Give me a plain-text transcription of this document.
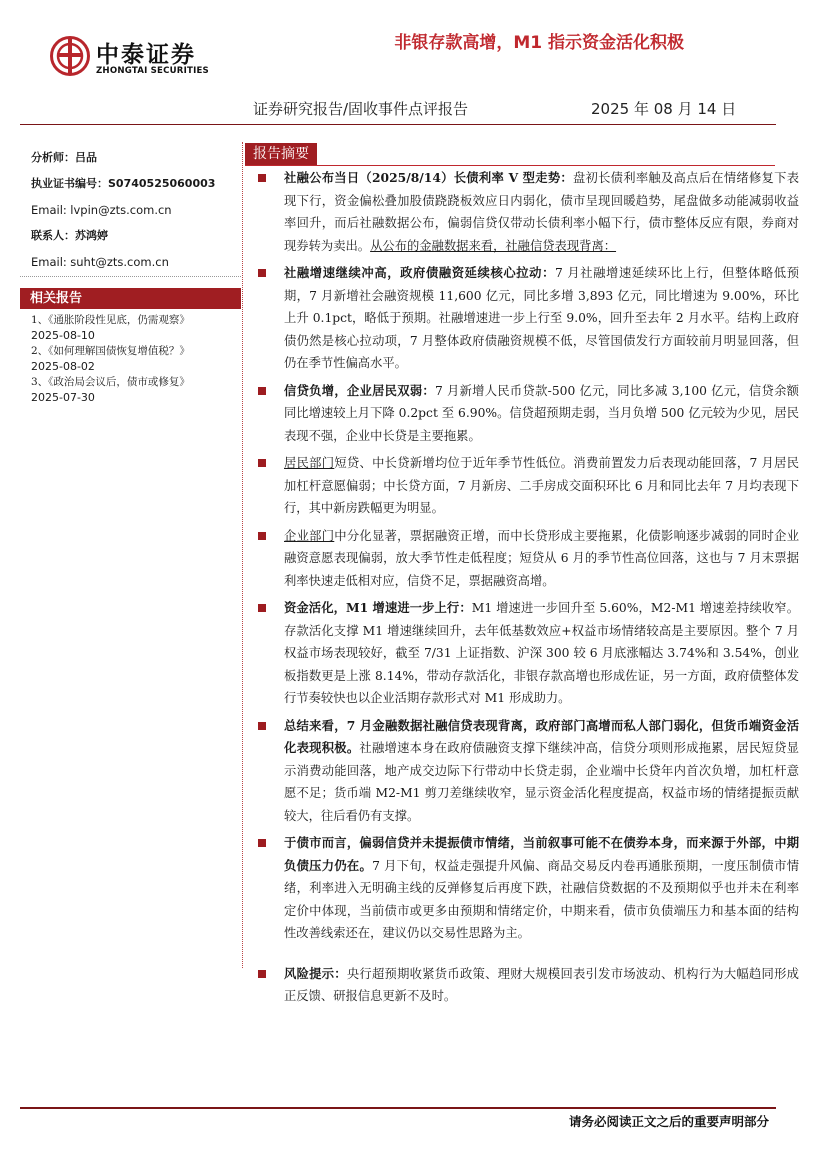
中泰证券
ZHONGTAI SECURITIES
非银存款高增，M1 指示资金活化积极
证券研究报告/固收事件点评报告	2025 年 08 月 14 日
分析师：吕品
执业证书编号：S0740525060003
Email: lvpin@zts.com.cn
联系人：苏鸿婷
Email: suht@zts.com.cn
相关报告
1、《通胀阶段性见底，仍需观察》
2025-08-10
2、《如何理解国债恢复增值税？》
2025-08-02
3、《政治局会议后，债市或修复》
2025-07-30
报告摘要
社融公布当日（2025/8/14）长债利率 V 型走势：盘初长债利率触及高点后在情绪修复下表现下行，资金偏松叠加股债跷跷板效应日内弱化，债市呈现回暖趋势，尾盘做多动能减弱收益率回升，而后社融数据公布，偏弱信贷仅带动长债利率小幅下行，债市整体反应有限，券商对现券转为卖出。从公布的金融数据来看，社融信贷表现背离：
社融增速继续冲高，政府债融资延续核心拉动：7 月社融增速延续环比上行，但整体略低预期，7 月新增社会融资规模 11,600 亿元，同比多增 3,893 亿元，同比增速为 9.00%，环比上升 0.1pct，略低于预期。社融增速进一步上行至 9.0%，回升至去年 2 月水平。结构上政府债仍然是核心拉动项，7 月整体政府债融资规模不低，尽管国债发行方面较前月明显回落，但仍在季节性偏高水平。
信贷负增，企业居民双弱：7 月新增人民币贷款-500 亿元，同比多减 3,100 亿元，信贷余额同比增速较上月下降 0.2pct 至 6.90%。信贷超预期走弱，当月负增 500 亿元较为少见，居民表现不强，企业中长贷是主要拖累。
居民部门短贷、中长贷新增均位于近年季节性低位。消费前置发力后表现动能回落，7 月居民加杠杆意愿偏弱；中长贷方面，7 月新房、二手房成交面积环比 6 月和同比去年 7 月均表现下行，其中新房跌幅更为明显。
企业部门中分化显著，票据融资正增，而中长贷形成主要拖累，化债影响逐步减弱的同时企业融资意愿表现偏弱，放大季节性走低程度；短贷从 6 月的季节性高位回落，这也与 7 月末票据利率快速走低相对应，信贷不足，票据融资高增。
资金活化，M1 增速进一步上行：M1 增速进一步回升至 5.60%，M2-M1 增速差持续收窄。存款活化支撑 M1 增速继续回升，去年低基数效应+权益市场情绪较高是主要原因。整个 7 月权益市场表现较好，截至 7/31 上证指数、沪深 300 较 6 月底涨幅达 3.74%和 3.54%，创业板指数更是上涨 8.14%，带动存款活化，非银存款高增也形成佐证，另一方面，政府债整体发行节奏较快也以企业活期存款形式对 M1 形成助力。
总结来看，7 月金融数据社融信贷表现背离，政府部门高增而私人部门弱化，但货币端资金活化表现积极。社融增速本身在政府债融资支撑下继续冲高，信贷分项则形成拖累，居民短贷显示消费动能回落，地产成交边际下行带动中长贷走弱，企业端中长贷年内首次负增，加杠杆意愿不足；货币端 M2-M1 剪刀差继续收窄，显示资金活化程度提高，权益市场的情绪提振贡献较大，往后看仍有支撑。
于债市而言，偏弱信贷并未提振债市情绪，当前叙事可能不在债券本身，而来源于外部，中期负债压力仍在。7 月下旬，权益走强提升风偏、商品交易反内卷再通胀预期，一度压制债市情绪，利率进入无明确主线的反弹修复后再度下跌，社融信贷数据的不及预期似乎也并未在利率定价中体现，当前债市或更多由预期和情绪定价，中期来看，债市负债端压力和基本面的结构性改善线索还在，建议仍以交易性思路为主。
风险提示：央行超预期收紧货币政策、理财大规模回表引发市场波动、机构行为大幅趋同形成正反馈、研报信息更新不及时。
请务必阅读正文之后的重要声明部分
